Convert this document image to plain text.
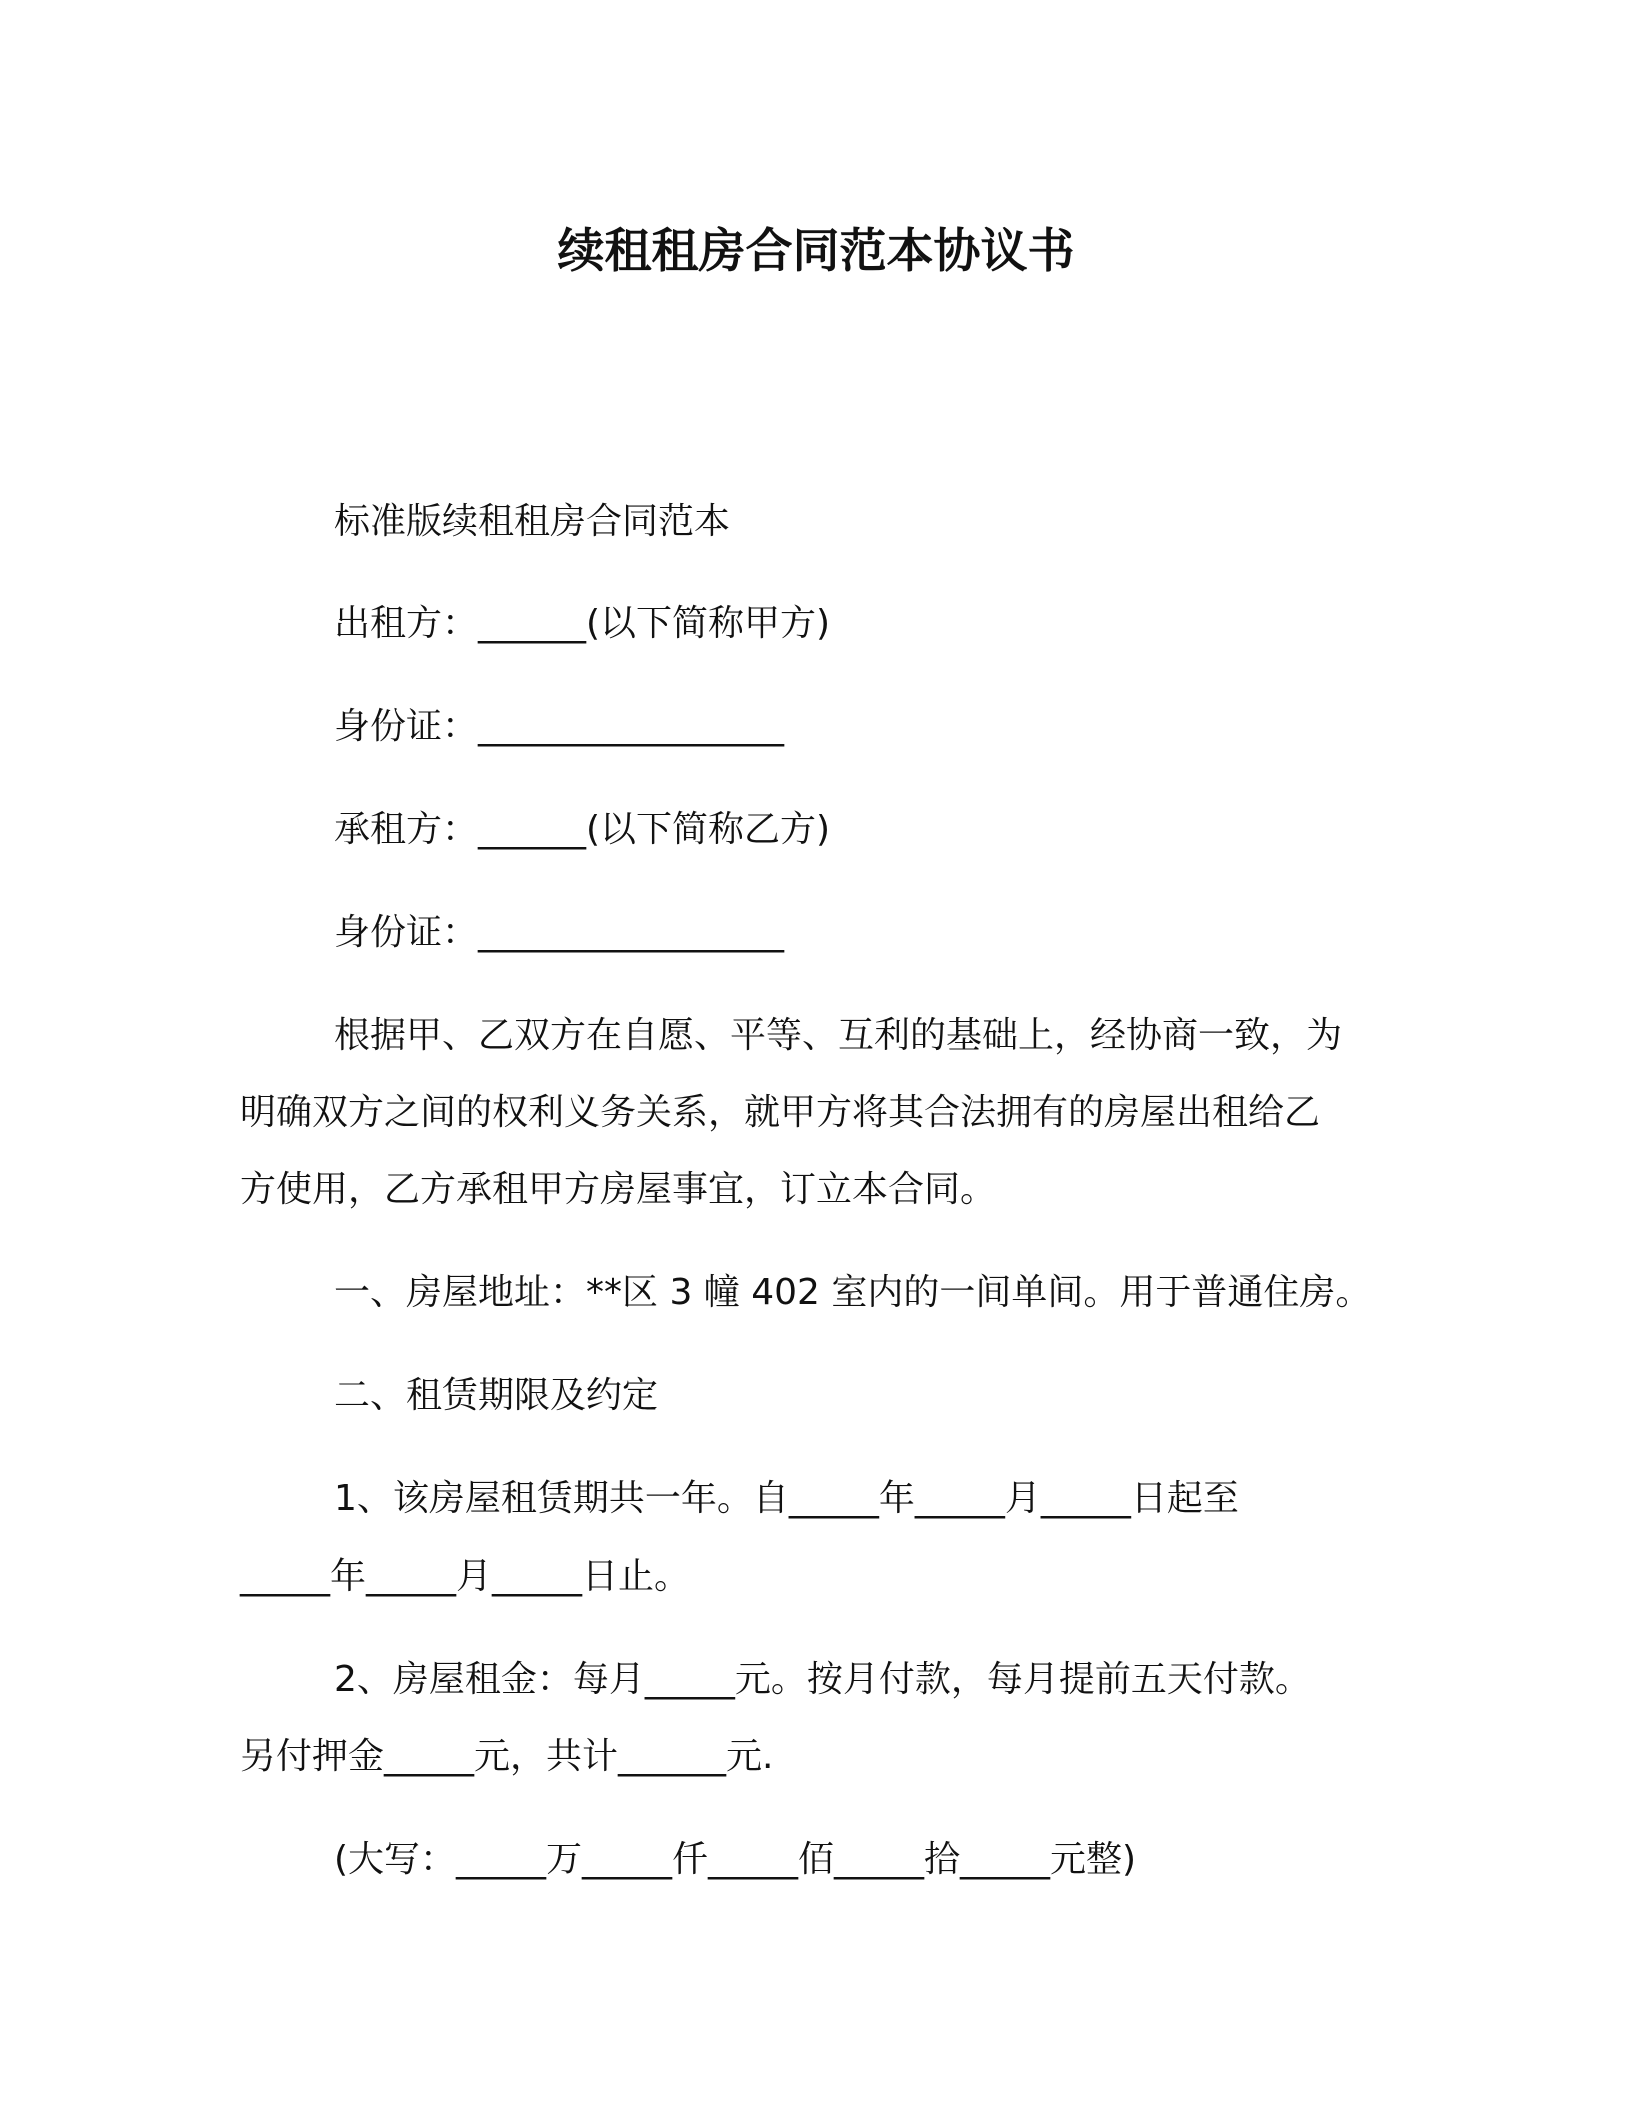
续租租房合同范本协议书

标准版续租租房合同范本

出租方：______(以下简称甲方)

身份证：_________________

承租方：______(以下简称乙方)

身份证：_________________

根据甲、乙双方在自愿、平等、互利的基础上，经协商一致，为

明确双方之间的权利义务关系，就甲方将其合法拥有的房屋出租给乙

方使用，乙方承租甲方房屋事宜，订立本合同。

一、房屋地址：**区 3 幢 402 室内的一间单间。用于普通住房。

二、租赁期限及约定

1、该房屋租赁期共一年。自_____年_____月_____日起至

_____年_____月_____日止。

2、房屋租金：每月_____元。按月付款，每月提前五天付款。

另付押金_____元，共计______元.

(大写：_____万_____仟_____佰_____拾_____元整)
